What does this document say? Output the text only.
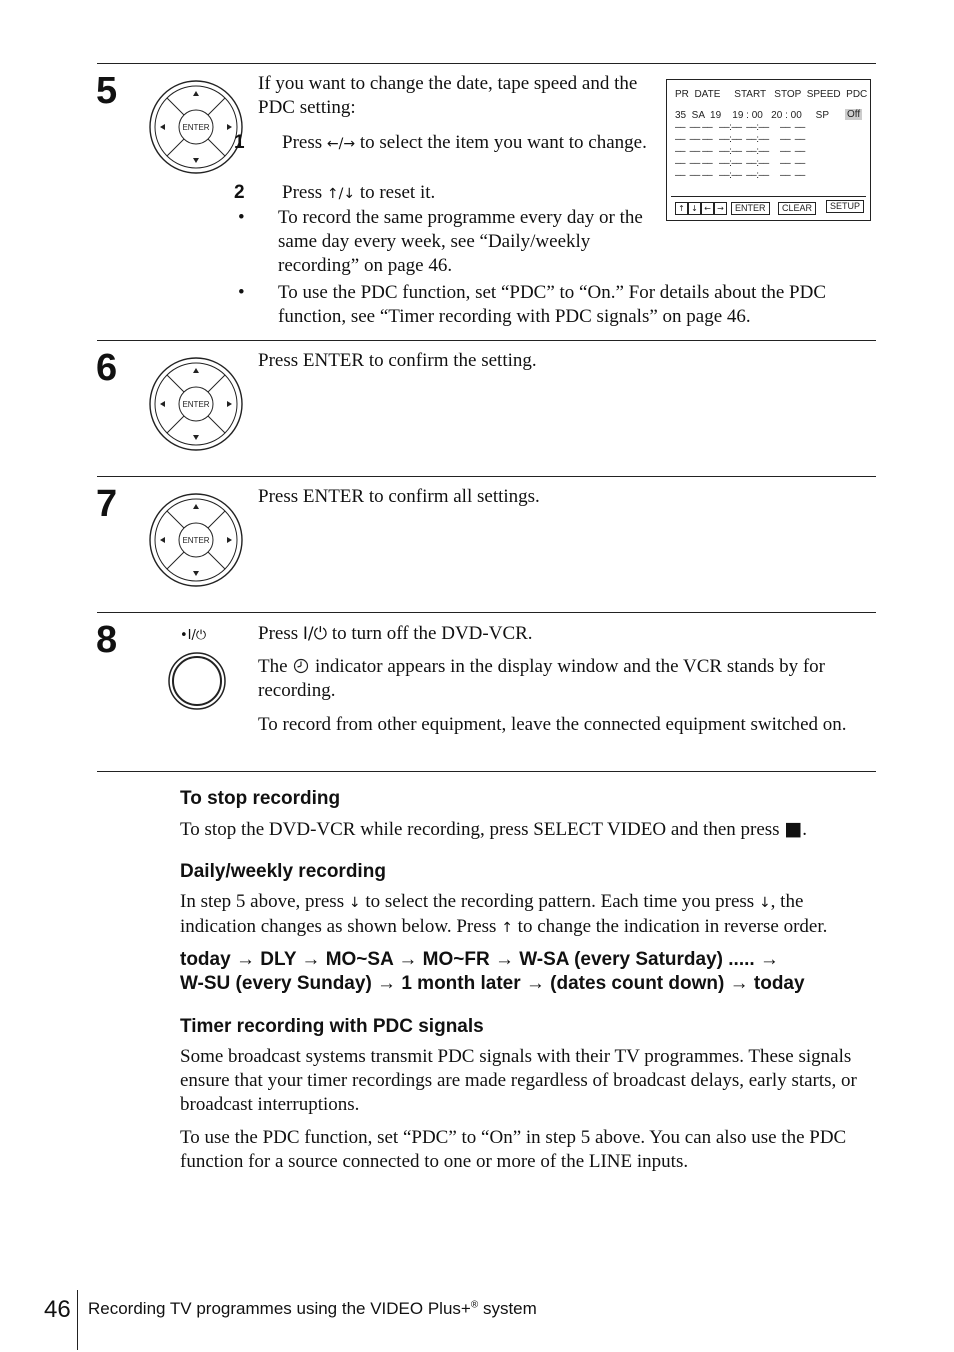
5
ENTER
If you want to change the date, tape speed and the PDC setting:
1 Press ←/→ to select the item you want to change.
2 Press ↑/↓ to reset it.
• To record the same programme every day or the same day every week, see “Daily/weekly recording” on page 46.
• To use the PDC function, set “PDC” to “On.” For details about the PDC function, see “Timer recording with PDC signals” on page 46.
PR  DATE     START   STOP  SPEED  PDC
35  SA  19    19 : 00   20 : 00     SP Off
––  –– ––   ––:––  ––:––     ––  ––
––  –– ––   ––:––  ––:––     ––  ––
––  –– ––   ––:––  ––:––     ––  ––
––  –– ––   ––:––  ––:––     ––  ––
––  –– ––   ––:––  ––:––     ––  ––
↑ ↓ ← →	ENTER	CLEAR	SETUP
6
ENTER
Press ENTER to confirm the setting.
7
ENTER
Press ENTER to confirm all settings.
8	•I/⏻	Press I/⏻ to turn off the DVD-VCR.
The  indicator appears in the display window and the VCR stands by for recording.
To record from other equipment, leave the connected equipment switched on.
To stop recording
To stop the DVD-VCR while recording, press SELECT VIDEO and then press ■.
Daily/weekly recording
In step 5 above, press ↓ to select the recording pattern. Each time you press ↓, the indication changes as shown below. Press ↑ to change the indication in reverse order.
today → DLY → MO~SA → MO~FR → W-SA (every Saturday) ..... →
W-SU (every Sunday) → 1 month later → (dates count down) → today
Timer recording with PDC signals
Some broadcast systems transmit PDC signals with their TV programmes. These signals ensure that your timer recordings are made regardless of broadcast delays, early starts, or broadcast interruptions.
To use the PDC function, set “PDC” to “On” in step 5 above. You can also use the PDC function for a source connected to one or more of the LINE inputs.
46 Recording TV programmes using the VIDEO Plus+® system
